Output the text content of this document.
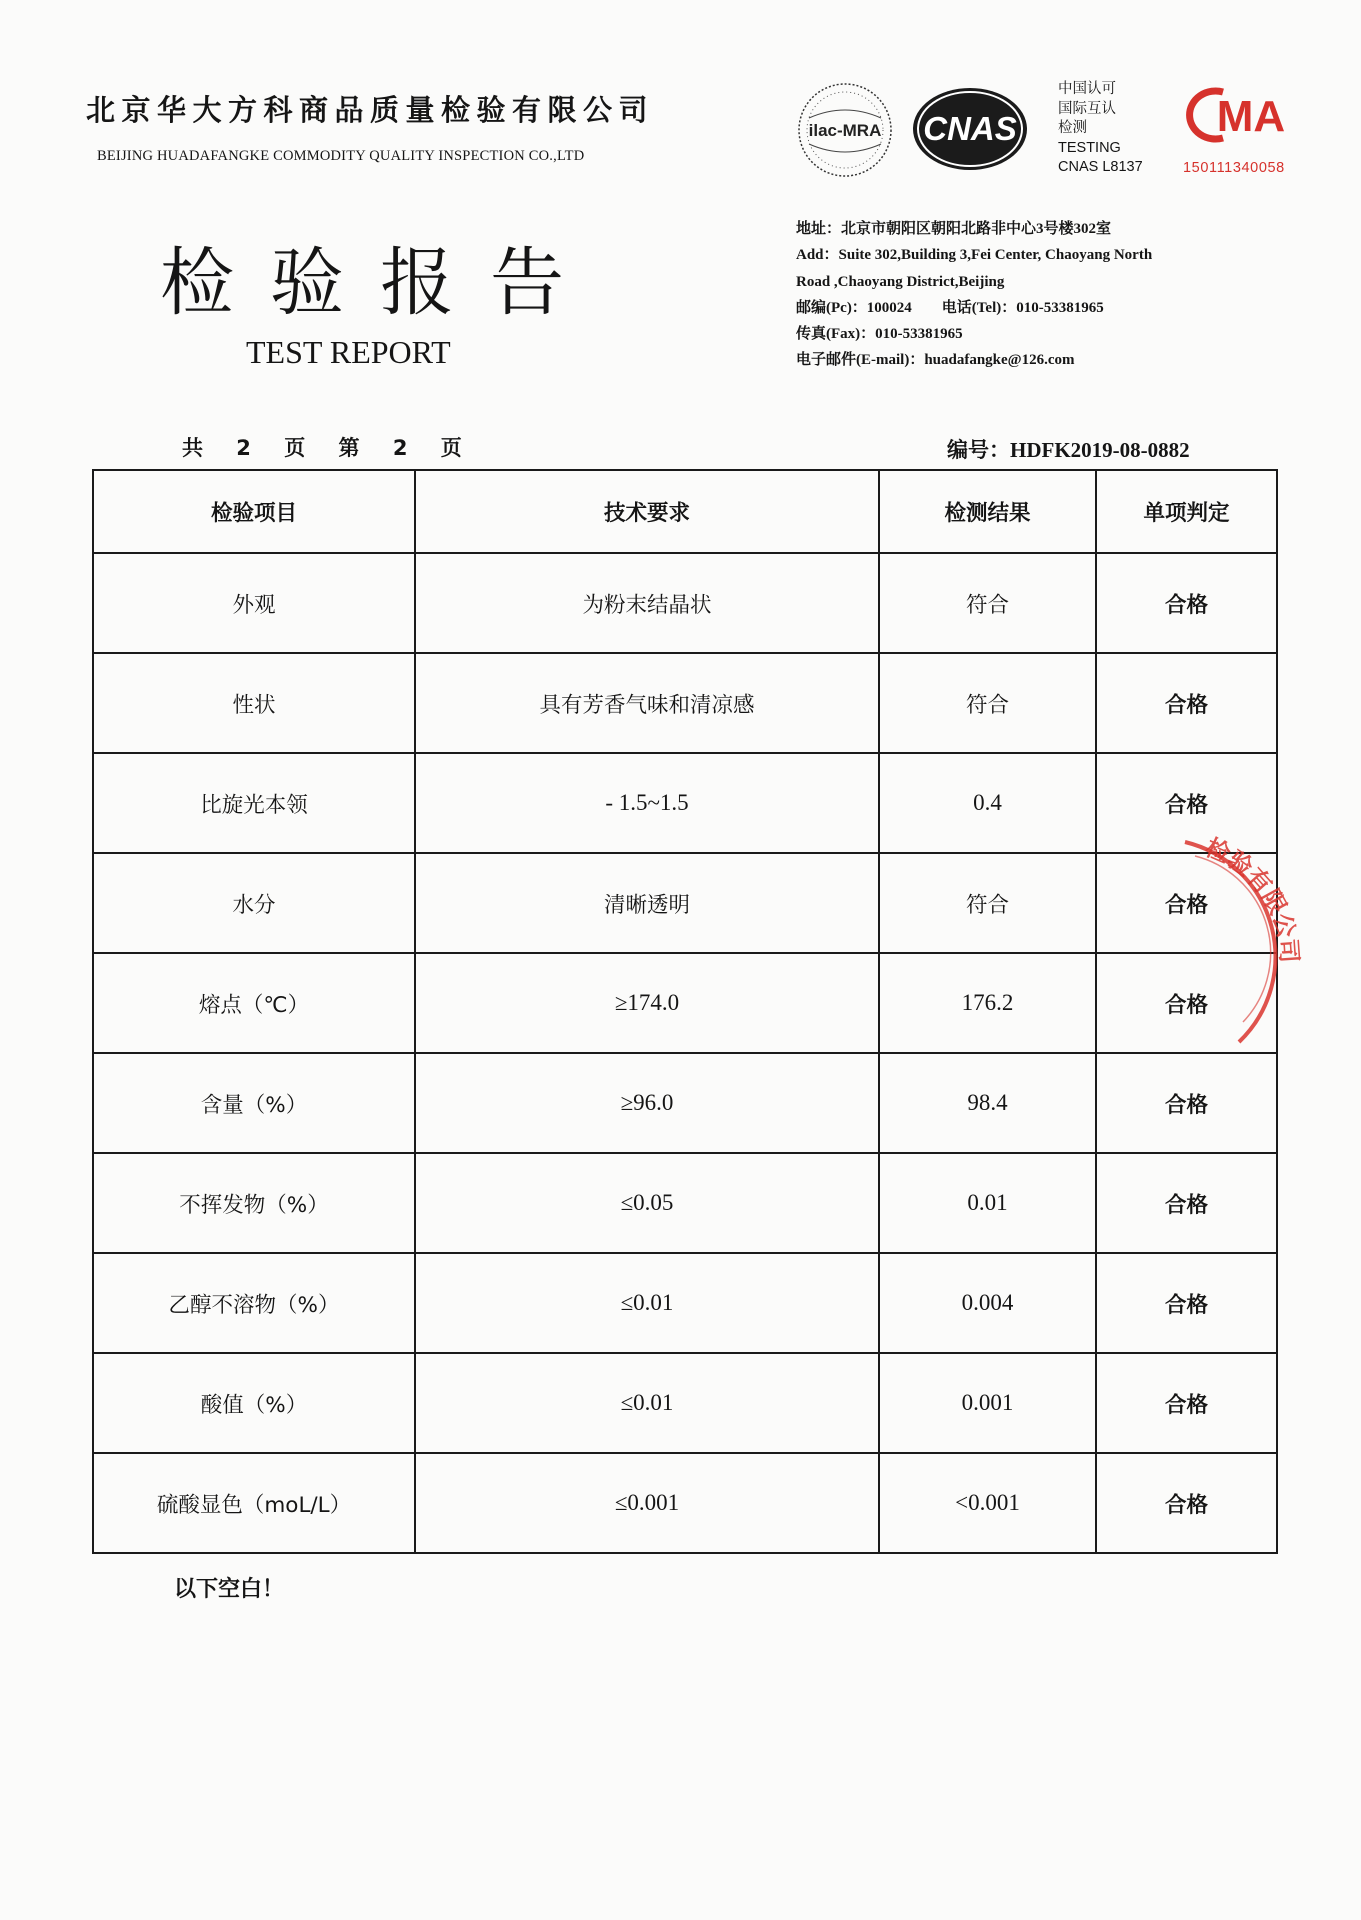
北京华大方科商品质量检验有限公司
BEIJING HUADAFANGKE COMMODITY QUALITY INSPECTION CO.,LTD
检验报告
TEST REPORT
ilac-MRA CNAS
中国认可
国际互认
检测
TESTING
CNAS L8137
MA
150111340058
地址：北京市朝阳区朝阳北路非中心3号楼302室
Add：Suite 302,Building 3,Fei Center, Chaoyang North
Road ,Chaoyang District,Beijing
邮编(Pc)：100024　　电话(Tel)：010-53381965
传真(Fax)：010-53381965
电子邮件(E-mail)：huadafangke@126.com
共 2 页 第 2 页	编号：HDFK2019-08-0882
检验项目	技术要求	检测结果	单项判定
外观	为粉末结晶状	符合	合格
性状	具有芳香气味和清凉感	符合	合格
比旋光本领	- 1.5~1.5	0.4	合格
水分	清晰透明	符合	合格
熔点（℃）	≥174.0	176.2	合格
含量（%）	≥96.0	98.4	合格
不挥发物（%）	≤0.05	0.01	合格
乙醇不溶物（%）	≤0.01	0.004	合格
酸值（%）	≤0.01	0.001	合格
硫酸显色（moL/L）	≤0.001	<0.001	合格
以下空白！
检验有限公司
